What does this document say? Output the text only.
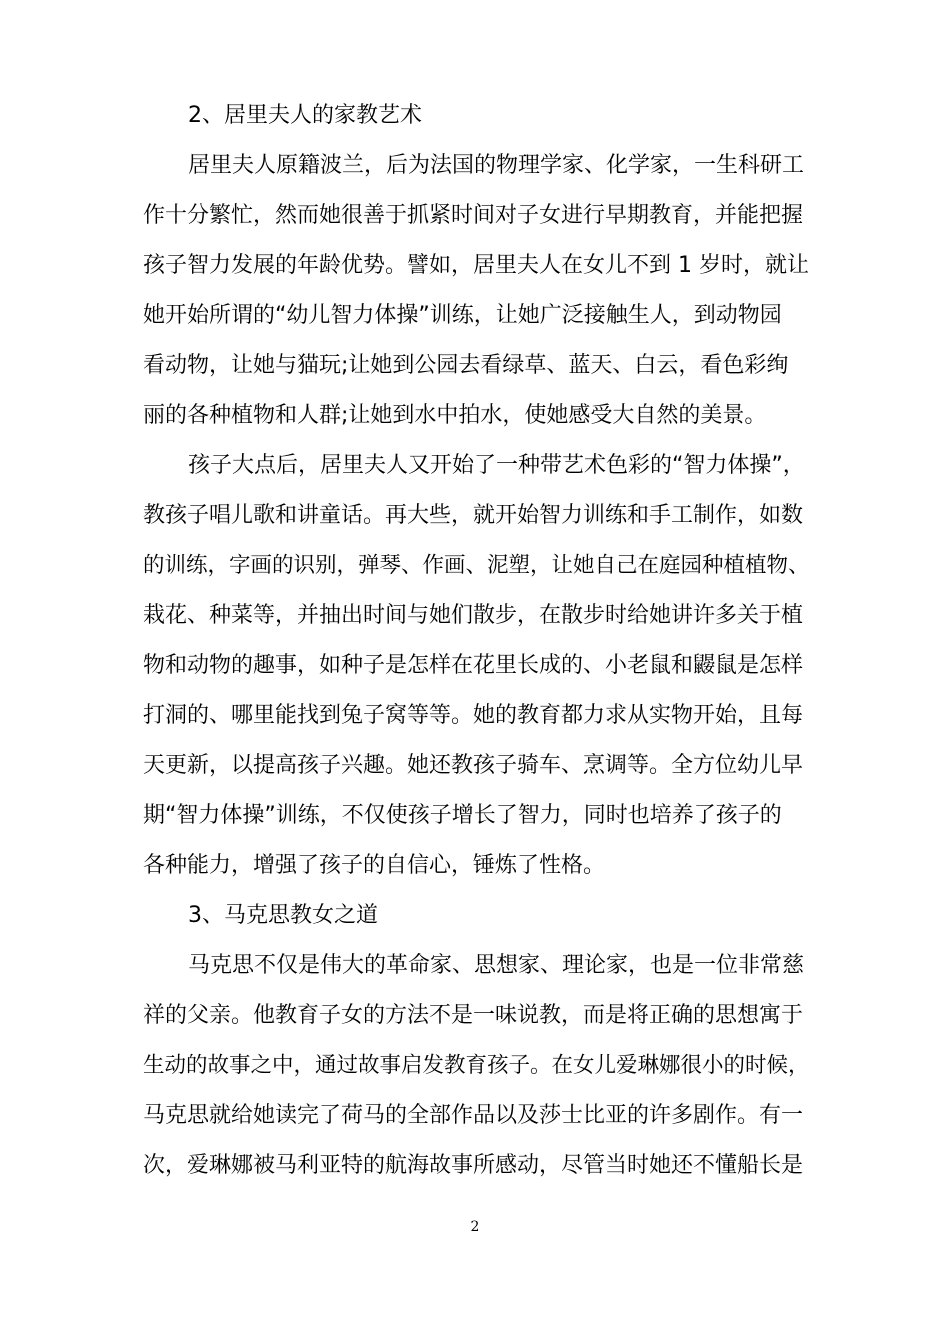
2、居里夫人的家教艺术
居里夫人原籍波兰，后为法国的物理学家、化学家，一生科研工
作十分繁忙，然而她很善于抓紧时间对子女进行早期教育，并能把握
孩子智力发展的年龄优势。譬如，居里夫人在女儿不到 1 岁时，就让
她开始所谓的“幼儿智力体操”训练，让她广泛接触生人，到动物园
看动物，让她与猫玩;让她到公园去看绿草、蓝天、白云，看色彩绚
丽的各种植物和人群;让她到水中拍水，使她感受大自然的美景。
孩子大点后，居里夫人又开始了一种带艺术色彩的“智力体操”，
教孩子唱儿歌和讲童话。再大些，就开始智力训练和手工制作，如数
的训练，字画的识别，弹琴、作画、泥塑，让她自己在庭园种植植物、
栽花、种菜等，并抽出时间与她们散步，在散步时给她讲许多关于植
物和动物的趣事，如种子是怎样在花里长成的、小老鼠和鼹鼠是怎样
打洞的、哪里能找到兔子窝等等。她的教育都力求从实物开始，且每
天更新，以提高孩子兴趣。她还教孩子骑车、烹调等。全方位幼儿早
期“智力体操”训练，不仅使孩子增长了智力，同时也培养了孩子的
各种能力，增强了孩子的自信心，锤炼了性格。
3、马克思教女之道
马克思不仅是伟大的革命家、思想家、理论家，也是一位非常慈
祥的父亲。他教育子女的方法不是一味说教，而是将正确的思想寓于
生动的故事之中，通过故事启发教育孩子。在女儿爱琳娜很小的时候，
马克思就给她读完了荷马的全部作品以及莎士比亚的许多剧作。有一
次，爱琳娜被马利亚特的航海故事所感动，尽管当时她还不懂船长是
2
